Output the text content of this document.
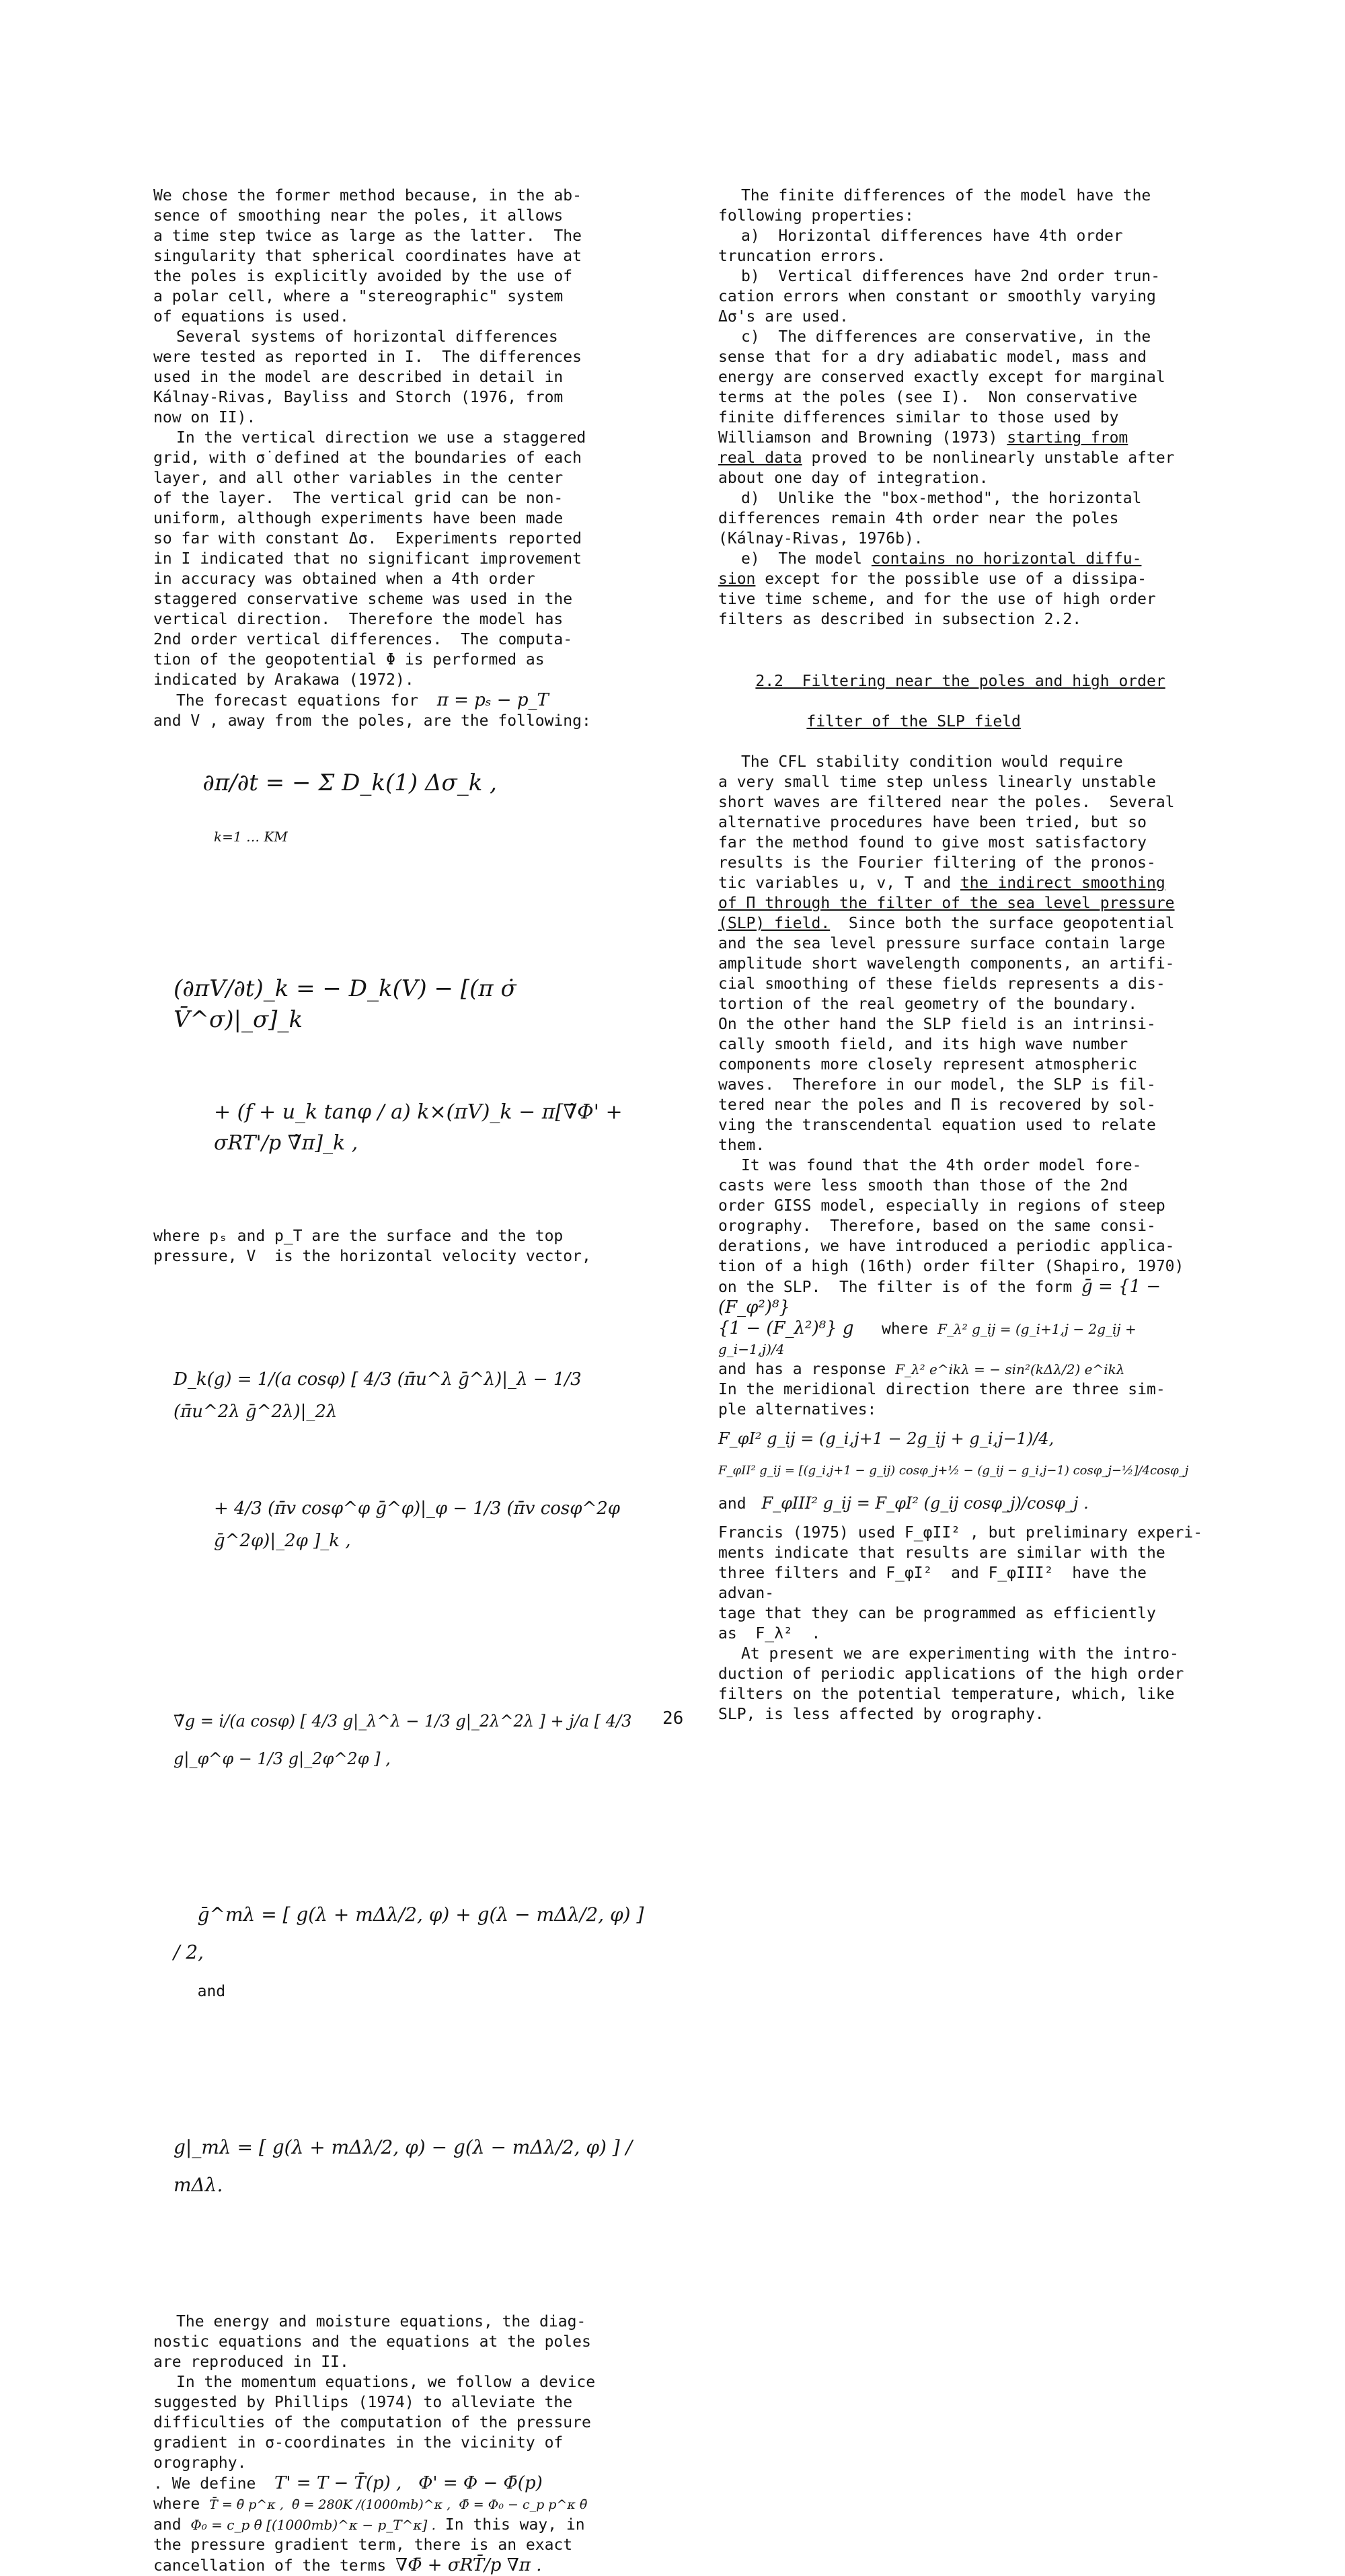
We chose the former method because, in the ab-
sence of smoothing near the poles, it allows
a time step twice as large as the latter.  The
singularity that spherical coordinates have at
the poles is explicitly avoided by the use of
a polar cell, where a "stereographic" system
of equations is used.

Several systems of horizontal differences
were tested as reported in I.  The differences
used in the model are described in detail in
Kálnay-Rivas, Bayliss and Storch (1976, from
now on II).

In the vertical direction we use a staggered
grid, with σ̇ defined at the boundaries of each
layer, and all other variables in the center
of the layer.  The vertical grid can be non-
uniform, although experiments have been made
so far with constant Δσ.  Experiments reported
in I indicated that no significant improvement
in accuracy was obtained when a 4th order
staggered conservative scheme was used in the
vertical direction.  Therefore the model has
2nd order vertical differences.  The computa-
tion of the geopotential Φ is performed as
indicated by Arakawa (1972).

The forecast equations for π = pₛ − p_T
and V , away from the poles, are the following:

∂π/∂t = − Σ D_k(1) Δσ_k ,

k=1 … KM

(∂πV/∂t)_k = − D_k(V) − [(π σ̇ V̄^σ)|_σ]_k

+ (f + u_k tanφ / a) k×(πV)_k − π[∇̃Φ' + σRT'/p ∇̃π]_k ,

where pₛ and p_T are the surface and the top
pressure, V  is the horizontal velocity vector,

D_k(g) = 1/(a cosφ) [ 4/3 (π̄u^λ ḡ^λ)|_λ − 1/3 (π̄u^2λ ḡ^2λ)|_2λ

+ 4/3 (π̄v cosφ^φ ḡ^φ)|_φ − 1/3 (π̄v cosφ^2φ ḡ^2φ)|_2φ ]_k ,

∇̃g = i/(a cosφ) [ 4/3 g|_λ^λ − 1/3 g|_2λ^2λ ] + j/a [ 4/3 g|_φ^φ − 1/3 g|_2φ^2φ ] ,

ḡ^mλ = [ g(λ + mΔλ/2, φ) + g(λ − mΔλ/2, φ) ] / 2,
and

g|_mλ = [ g(λ + mΔλ/2, φ) − g(λ − mΔλ/2, φ) ] / mΔλ.

The energy and moisture equations, the diag-
nostic equations and the equations at the poles
are reproduced in II.

In the momentum equations, we follow a device
suggested by Phillips (1974) to alleviate the
difficulties of the computation of the pressure
gradient in σ-coordinates in the vicinity of
orography.

. We define T' = T − T̄(p) ,   Φ' = Φ − Φ̄(p)
where T̄ = θ̄ p^κ ,  θ̄ = 280K /(1000mb)^κ ,  Φ̄ = Φ₀ − c_p p^κ θ̄
and Φ₀ = c_p θ̄ [(1000mb)^κ − p_T^κ] . In this way, in
the pressure gradient term, there is an exact
cancellation of the terms ∇Φ̄ + σRT̄/p ∇π .

The finite differences of the model have the
following properties:

a)  Horizontal differences have 4th order
truncation errors.

b)  Vertical differences have 2nd order trun-
cation errors when constant or smoothly varying
Δσ's are used.

c)  The differences are conservative, in the
sense that for a dry adiabatic model, mass and
energy are conserved exactly except for marginal
terms at the poles (see I).  Non conservative
finite differences similar to those used by
Williamson and Browning (1973) starting from
real data proved to be nonlinearly unstable after
about one day of integration.

d)  Unlike the "box-method", the horizontal
differences remain 4th order near the poles
(Kálnay-Rivas, 1976b).

e)  The model contains no horizontal diffu-
sion except for the possible use of a dissipa-
tive time scheme, and for the use of high order
filters as described in subsection 2.2.

2.2 Filtering near the poles and high order

filter of the SLP field

The CFL stability condition would require
a very small time step unless linearly unstable
short waves are filtered near the poles.  Several
alternative procedures have been tried, but so
far the method found to give most satisfactory
results is the Fourier filtering of the pronos-
tic variables u, v, T and the indirect smoothing
of Π through the filter of the sea level pressure
(SLP) field.  Since both the surface geopotential
and the sea level pressure surface contain large
amplitude short wavelength components, an artifi-
cial smoothing of these fields represents a dis-
tortion of the real geometry of the boundary.
On the other hand the SLP field is an intrinsi-
cally smooth field, and its high wave number
components more closely represent atmospheric
waves.  Therefore in our model, the SLP is fil-
tered near the poles and Π is recovered by sol-
ving the transcendental equation used to relate
them.

It was found that the 4th order model fore-
casts were less smooth than those of the 2nd
order GISS model, especially in regions of steep
orography.  Therefore, based on the same consi-
derations, we have introduced a periodic applica-
tion of a high (16th) order filter (Shapiro, 1970)
on the SLP.  The filter is of the form ḡ = {1 − (F_φ²)⁸}
{1 − (F_λ²)⁸} g where F_λ² g_ij = (g_i+1,j − 2g_ij + g_i−1,j)/4
and has a response F_λ² e^ikλ = − sin²(kΔλ/2) e^ikλ
In the meridional direction there are three sim-
ple alternatives:

F_φI² g_ij = (g_i,j+1 − 2g_ij + g_i,j−1)/4,
F_φII² g_ij = [(g_i,j+1 − g_ij) cosφ_j+½ − (g_ij − g_i,j−1) cosφ_j−½]/4cosφ_j
and F_φIII² g_ij = F_φI² (g_ij cosφ_j)/cosφ_j .

Francis (1975) used F_φII² , but preliminary experi-
ments indicate that results are similar with the
three filters and F_φI²  and F_φIII²  have the advan-
tage that they can be programmed as efficiently
as  F_λ²  .

At present we are experimenting with the intro-
duction of periodic applications of the high order
filters on the potential temperature, which, like
SLP, is less affected by orography.

26
